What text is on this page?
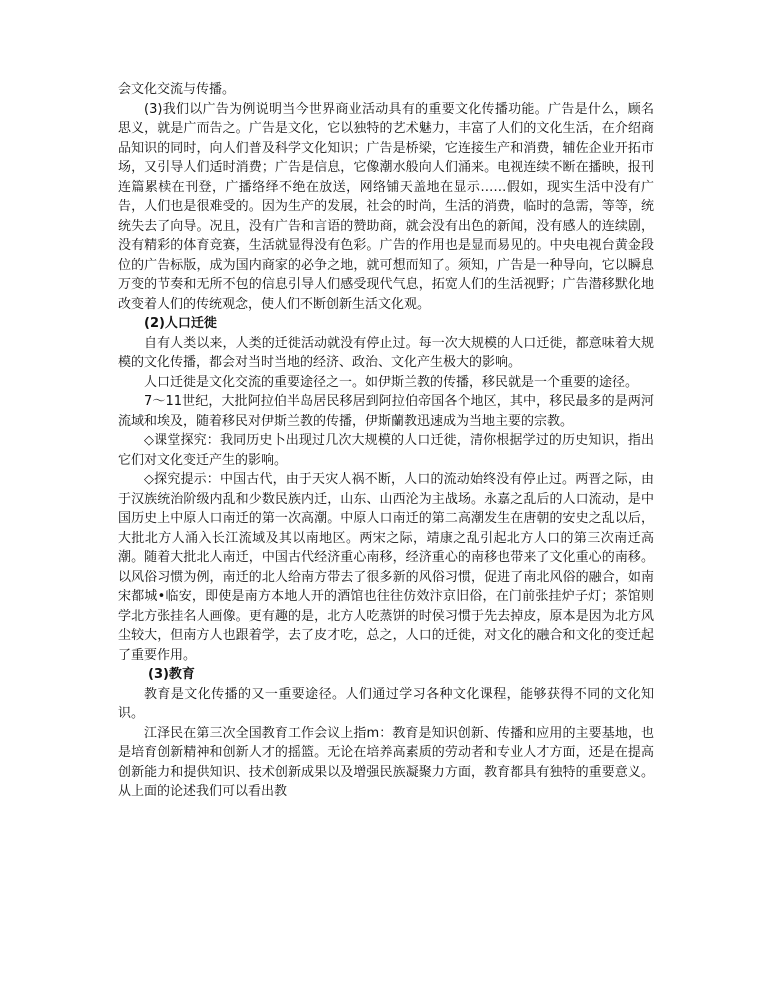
会文化交流与传播。

(3)我们以广告为例说明当今世界商业活动具有的重要文化传播功能。广告是什么，顾名思义，就是广而告之。广告是文化，它以独特的艺术魅力，丰富了人们的文化生活，在介绍商品知识的同时，向人们普及科学文化知识；广告是桥梁，它连接生产和消费，辅佐企业开拓市场，又引导人们适时消费；广告是信息，它像潮水般向人们涌来。电视连续不断在播映，报刊连篇累椟在刊登，广播络绎不绝在放送，网络铺天盖地在显示……假如，现实生活中没有广告，人们也是很难受的。因为生产的发展，社会的时尚，生活的消费，临时的急需，等等，统统失去了向导。况且，没有广告和言语的赞助商，就会没有出色的新闻，没有感人的连续剧，没有精彩的体育竞赛，生活就显得没有色彩。广告的作用也是显而易见的。中央电视台黄金段位的广告标版，成为国内商家的必争之地，就可想而知了。须知，广告是一种导向，它以瞬息万变的节奏和无所不包的信息引导人们感受现代气息，拓宽人们的生活视野；广告潜移默化地改变着人们的传统观念，使人们不断创新生活文化观。

(2)人口迁徙

自有人类以来，人类的迁徙活动就没有停止过。每一次大规模的人口迁徙，都意味着大规模的文化传播，都会对当时当地的经济、政治、文化产生极大的影响。

人口迁徙是文化交流的重要途径之一。如伊斯兰教的传播，移民就是一个重要的途径。

7～11世纪，大批阿拉伯半岛居民移居到阿拉伯帝国各个地区，其中，移民最多的是两河流域和埃及，随着移民对伊斯兰教的传播，伊斯蘭教迅速成为当地主要的宗教。

◇课堂探究：我同历史卜出现过几次大规模的人口迁徙，清你根据学过的历史知识，指出它们对文化变迁产生的影响。

◇探究提示：中国古代，由于天灾人祸不断，人口的流动始终没有停止过。两晋之际，由于汉族统治阶级内乱和少数民族内迁，山东、山西沦为主战场。永嘉之乱后的人口流动，是中国历史上中原人口南迁的第一次高潮。中原人口南迁的第二高潮发生在唐朝的安史之乱以后，大批北方人涌入长江流域及其以南地区。两宋之际，靖康之乱引起北方人口的第三次南迁高潮。随着大批北人南迁，中国古代经济重心南移，经济重心的南移也带来了文化重心的南移。以风俗习惯为例，南迁的北人给南方带去了很多新的风俗习惯，促进了南北风俗的融合，如南宋都城•临安，即使是南方本地人开的酒馆也往往仿效汴京旧俗，在门前张挂炉子灯；茶馆则学北方张挂名人画像。更有趣的是，北方人吃蒸饼的时侯习惯于先去掉皮，原本是因为北方风尘较大，但南方人也跟着学，去了皮才吃，总之，人口的迁徙，对文化的融合和文化的变迁起了重要作用。

(3)教育

教育是文化传播的又一重要途径。人们通过学习各种文化课程，能够获得不同的文化知识。

江泽民在第三次全国教育工作会议上指m：教育是知识创新、传播和应用的主要基地，也是培育创新精神和创新人才的摇篮。无论在培养高素质的劳动者和专业人才方面，还是在提高创新能力和提供知识、技术创新成果以及增强民族凝聚力方面，教育都具有独特的重要意义。从上面的论述我们可以看出教
